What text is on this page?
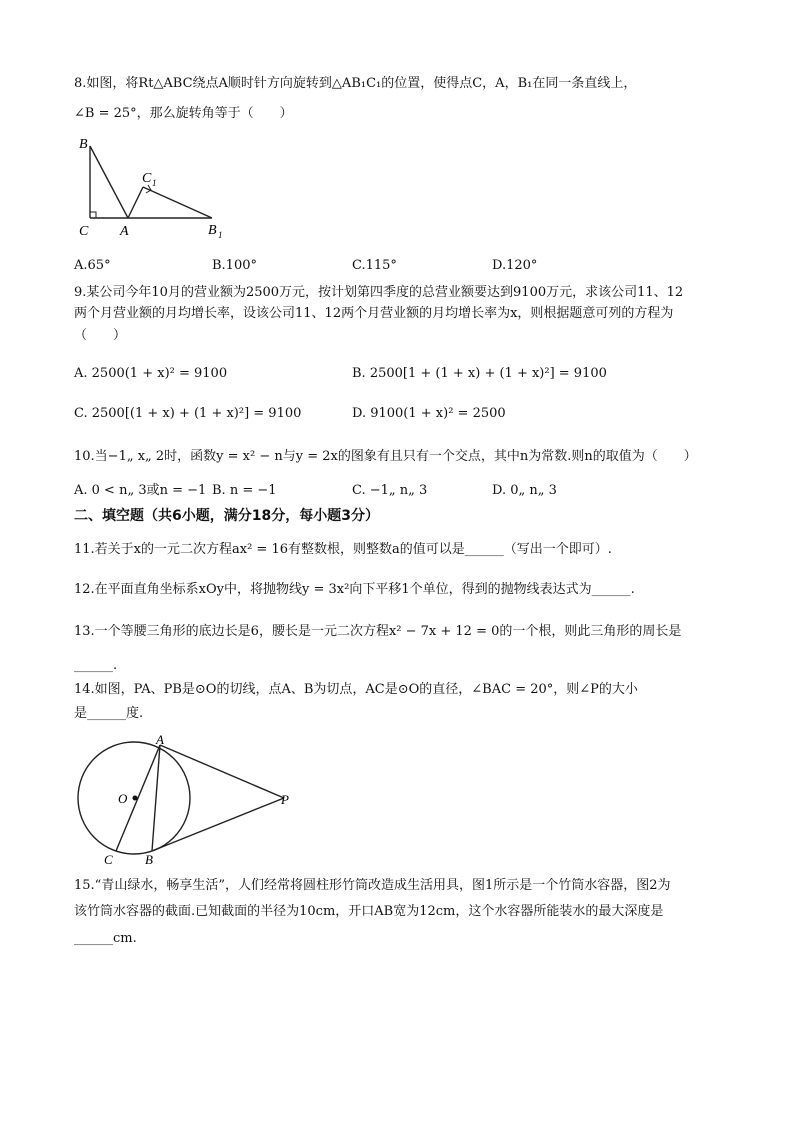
8.如图，将Rt△ABC绕点A顺时针方向旋转到△AB₁C₁的位置，使得点C，A，B₁在同一条直线上，
∠B = 25°，那么旋转角等于（　　）
B
C A
C 1
B 1
A.65°	B.100°	C.115°	D.120°
9.某公司今年10月的营业额为2500万元，按计划第四季度的总营业额要达到9100万元，求该公司11、12
两个月营业额的月均增长率，设该公司11、12两个月营业额的月均增长率为x，则根据题意可列的方程为
（　　）
A. 2500(1 + x)² = 9100	B. 2500[1 + (1 + x) + (1 + x)²] = 9100
C. 2500[(1 + x) + (1 + x)²] = 9100	D. 9100(1 + x)² = 2500
10.当−1„ x„ 2时，函数y = x² − n与y = 2x的图象有且只有一个交点，其中n为常数.则n的取值为（　　）
A. 0 < n„ 3或n = −1 B. n = −1	C. −1„ n„ 3	D. 0„ n„ 3
二、填空题（共6小题，满分18分，每小题3分）
11.若关于x的一元二次方程ax² = 16有整数根，则整数a的值可以是______（写出一个即可）.
12.在平面直角坐标系xOy中，将抛物线y = 3x²向下平移1个单位，得到的抛物线表达式为______.
13.一个等腰三角形的底边长是6，腰长是一元二次方程x² − 7x + 12 = 0的一个根，则此三角形的周长是
______.
14.如图，PA、PB是⊙O的切线，点A、B为切点，AC是⊙O的直径，∠BAC = 20°，则∠P的大小
是______度.
A
O	P
C B
15.“青山绿水，畅享生活”，人们经常将圆柱形竹筒改造成生活用具，图1所示是一个竹筒水容器，图2为
该竹筒水容器的截面.已知截面的半径为10cm，开口AB宽为12cm，这个水容器所能装水的最大深度是
______cm.
